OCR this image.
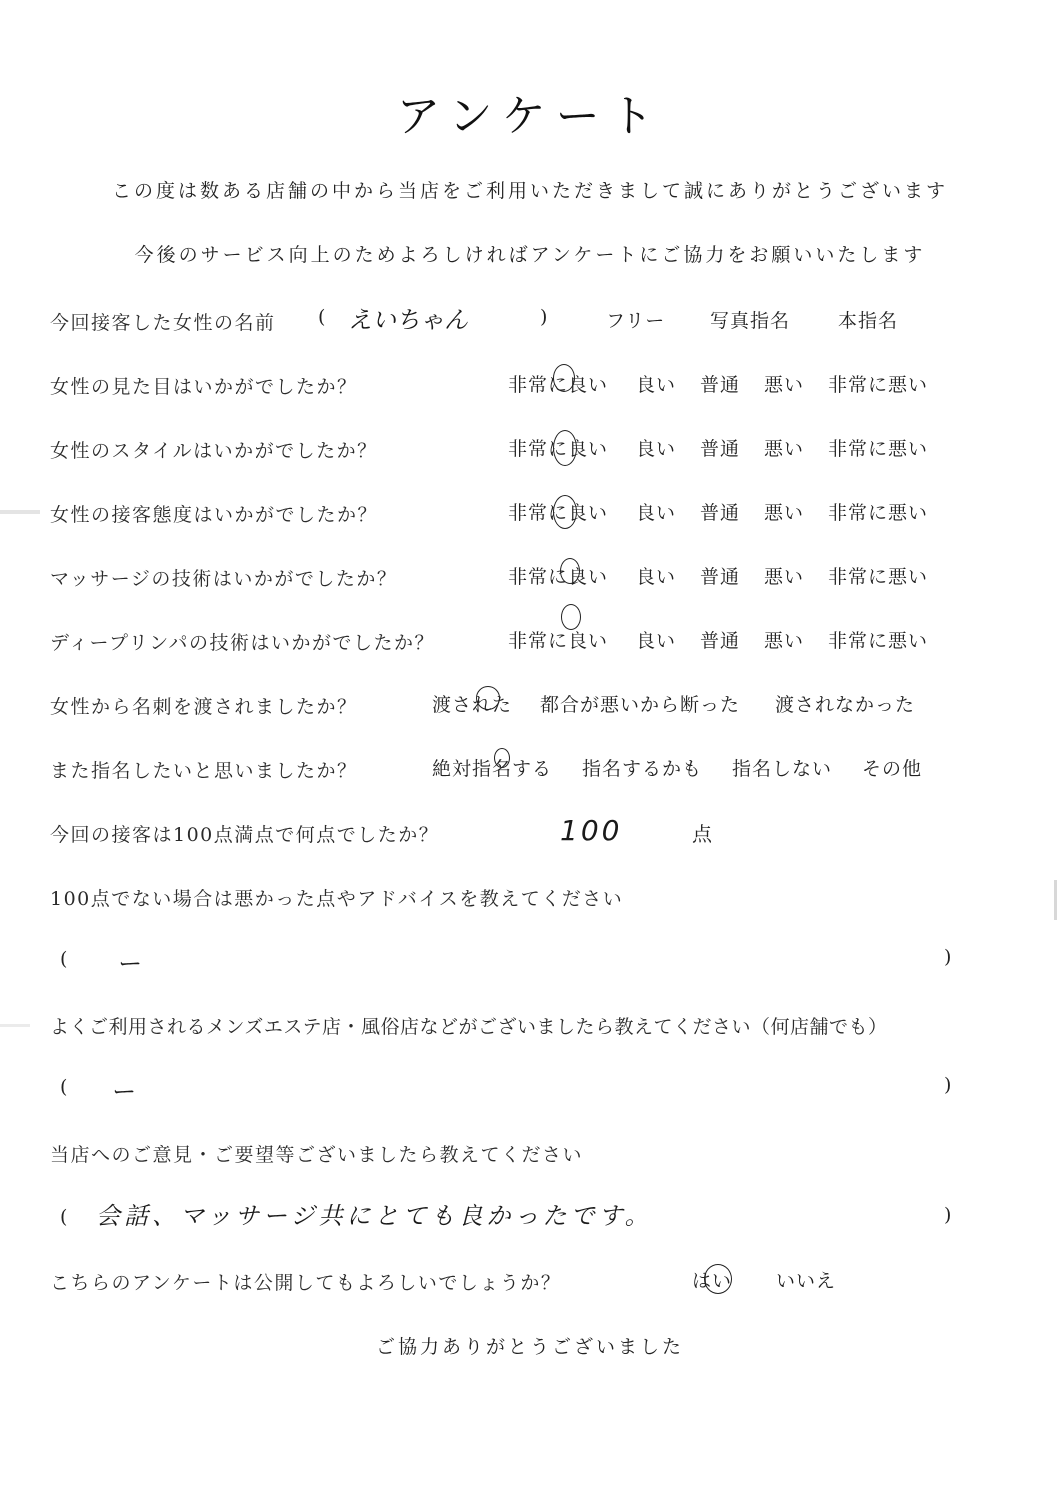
アンケート
この度は数ある店舗の中から当店をご利用いただきまして誠にありがとうございます
今後のサービス向上のためよろしければアンケートにご協力をお願いいたします
今回接客した女性の名前 ( えいちゃん	)	フリー 写真指名	本指名
女性の見た目はいかがでしたか？	非常に良い 良い 普通 悪い 非常に悪い
女性のスタイルはいかがでしたか？	非常に良い 良い 普通 悪い 非常に悪い
女性の接客態度はいかがでしたか？	非常に良い 良い 普通 悪い 非常に悪い
マッサージの技術はいかがでしたか？	非常に良い 良い 普通 悪い 非常に悪い
ディープリンパの技術はいかがでしたか？	非常に良い 良い 普通 悪い 非常に悪い
女性から名刺を渡されましたか？	渡された 都合が悪いから断った 渡されなかった
また指名したいと思いましたか？	絶対指名する 指名するかも 指名しない その他
今回の接客は100点満点で何点でしたか？	100	点
100点でない場合は悪かった点やアドバイスを教えてください
( ー	)
よくご利用されるメンズエステ店・風俗店などがございましたら教えてください（何店舗でも）
( ー	)
当店へのご意見・ご要望等ございましたら教えてください
( 会話、マッサージ共にとても良かったです。	)
こちらのアンケートは公開してもよろしいでしょうか？	はい いいえ
ご協力ありがとうございました
